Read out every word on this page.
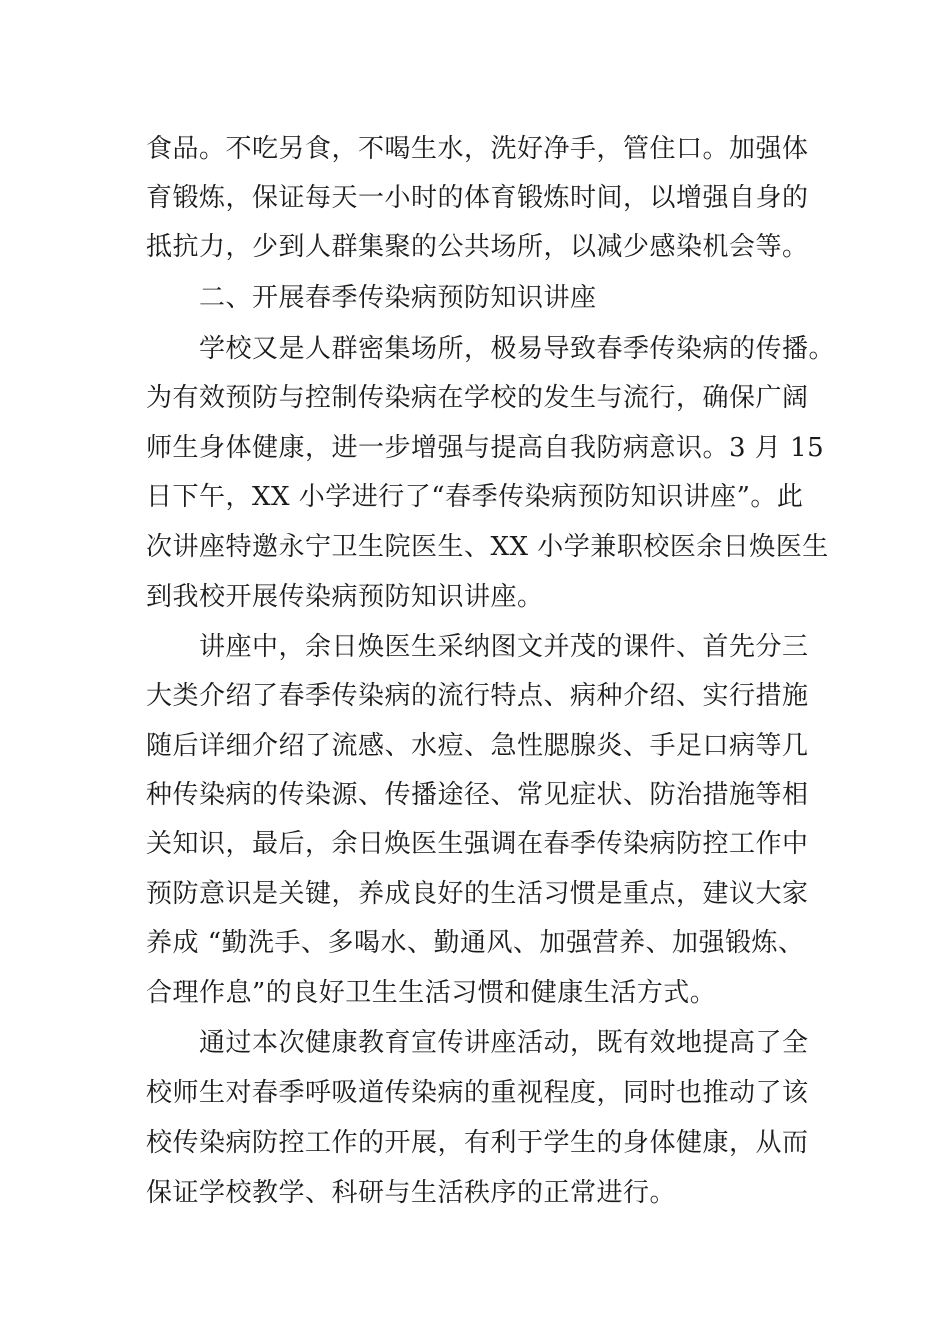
食品。不吃另食，不喝生水，洗好净手，管住口。加强体
育锻炼，保证每天一小时的体育锻炼时间，以增强自身的
抵抗力，少到人群集聚的公共场所，以减少感染机会等。
二、开展春季传染病预防知识讲座
学校又是人群密集场所，极易导致春季传染病的传播。
为有效预防与控制传染病在学校的发生与流行，确保广阔
师生身体健康，进一步增强与提高自我防病意识。3 月 15
日下午，XX 小学进行了“春季传染病预防知识讲座”。此
次讲座特邀永宁卫生院医生、XX 小学兼职校医余日焕医生
到我校开展传染病预防知识讲座。
讲座中，余日焕医生采纳图文并茂的课件、首先分三
大类介绍了春季传染病的流行特点、病种介绍、实行措施
随后详细介绍了流感、水痘、急性腮腺炎、手足口病等几
种传染病的传染源、传播途径、常见症状、防治措施等相
关知识，最后，余日焕医生强调在春季传染病防控工作中
预防意识是关键，养成良好的生活习惯是重点，建议大家
养成 “勤洗手、多喝水、勤通风、加强营养、加强锻炼、
合理作息”的良好卫生生活习惯和健康生活方式。
通过本次健康教育宣传讲座活动，既有效地提高了全
校师生对春季呼吸道传染病的重视程度，同时也推动了该
校传染病防控工作的开展，有利于学生的身体健康，从而
保证学校教学、科研与生活秩序的正常进行。
